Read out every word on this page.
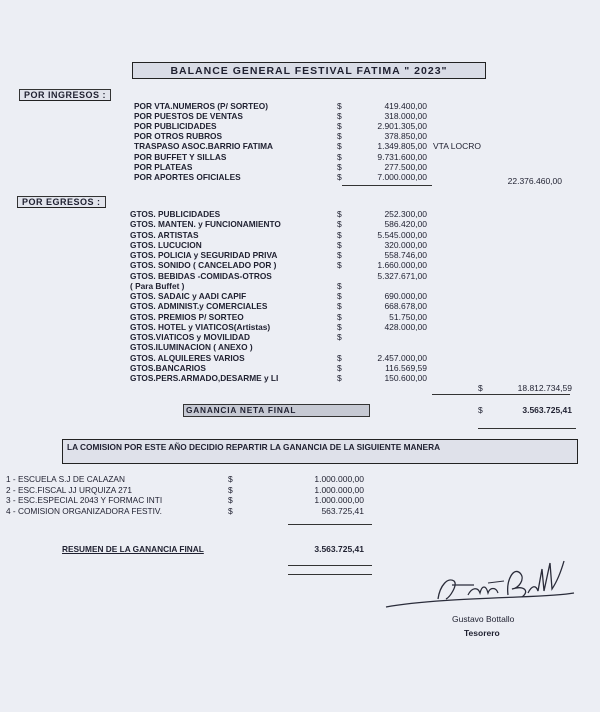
BALANCE GENERAL FESTIVAL FATIMA " 2023"
POR INGRESOS :
POR VTA.NUMEROS (P/ SORTEO)	$	419.400,00
POR PUESTOS DE VENTAS	$	318.000,00
POR PUBLICIDADES	$	2.901.305,00
POR OTROS RUBROS	$	378.850,00
TRASPASO ASOC.BARRIO FATIMA	$	1.349.805,00 VTA LOCRO
POR BUFFET Y SILLAS	$	9.731.600,00
POR PLATEAS	$	277.500,00
POR APORTES OFICIALES	$	7.000.000,00	22.376.460,00
POR EGRESOS :
GTOS. PUBLICIDADES	$	252.300,00
GTOS. MANTEN. y FUNCIONAMIENTO	$	586.420,00
GTOS. ARTISTAS	$	5.545.000,00
GTOS. LUCUCION	$	320.000,00
GTOS. POLICIA y SEGURIDAD PRIVA	$	558.746,00
GTOS. SONIDO ( CANCELADO POR )	$	1.660.000,00
GTOS. BEBIDAS -COMIDAS-OTROS	5.327.671,00
( Para Buffet )	$
GTOS. SADAIC y AADI CAPIF	$	690.000,00
GTOS. ADMINIST.y COMERCIALES	$	668.678,00
GTOS. PREMIOS P/ SORTEO	$	51.750,00
GTOS. HOTEL y VIATICOS(Artistas)	$	428.000,00
GTOS.VIATICOS y MOVILIDAD	$
GTOS.ILUMINACION ( ANEXO )
GTOS. ALQUILERES VARIOS	$	2.457.000,00
GTOS.BANCARIOS	$	116.569,59
GTOS.PERS.ARMADO,DESARME y LI	$	150.600,00
$	18.812.734,59
GANANCIA NETA FINAL	$	3.563.725,41
LA COMISION POR ESTE AÑO DECIDIO REPARTIR LA GANANCIA DE LA SIGUIENTE MANERA
1 - ESCUELA S.J DE CALAZAN	$	1.000.000,00
2 - ESC.FISCAL JJ URQUIZA 271	$	1.000.000,00
3 - ESC.ESPECIAL 2043 Y FORMAC INTI	$	1.000.000,00
4 - COMISION ORGANIZADORA FESTIV.	$	563.725,41
RESUMEN DE LA GANANCIA FINAL	3.563.725,41
Gustavo Bottallo
Tesorero
